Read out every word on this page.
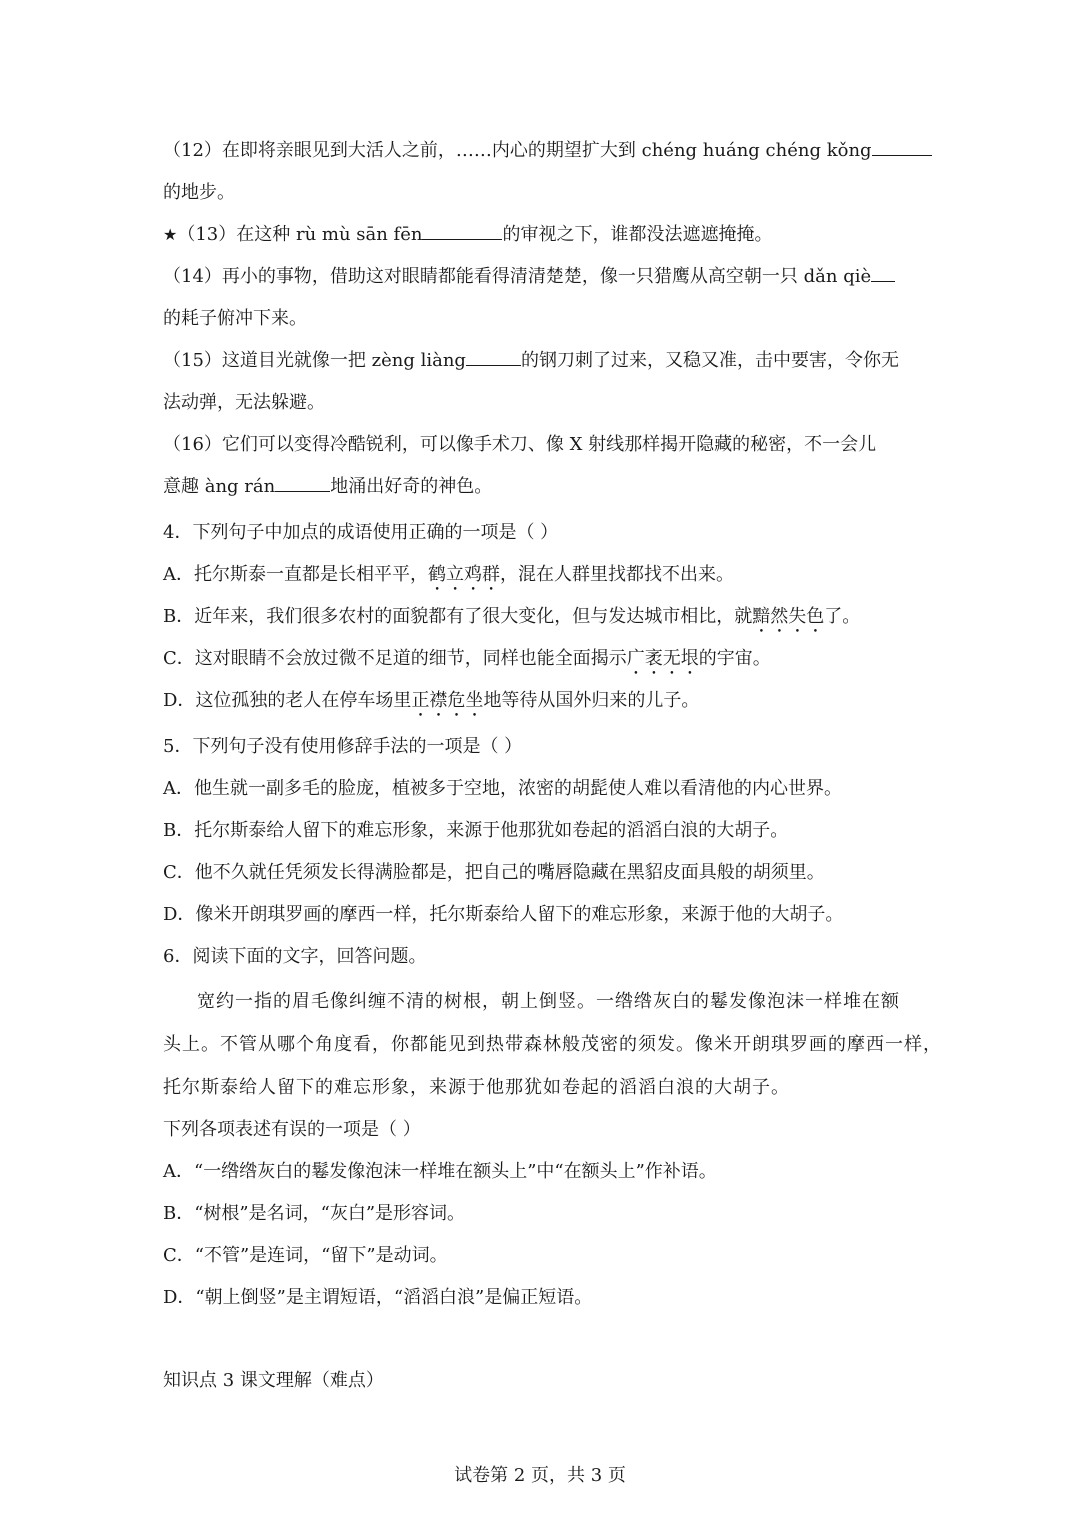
（12）在即将亲眼见到大活人之前，……内心的期望扩大到 chéng huáng chéng kǒng
的地步。
★（13）在这种 rù mù sān fēn	的审视之下，谁都没法遮遮掩掩。
（14）再小的事物，借助这对眼睛都能看得清清楚楚，像一只猎鹰从高空朝一只 dǎn qiè
的耗子俯冲下来。
（15）这道目光就像一把 zèng liàng	的钢刀刺了过来，又稳又准，击中要害，令你无
法动弹，无法躲避。
（16）它们可以变得冷酷锐利，可以像手术刀、像 X 射线那样揭开隐藏的秘密，不一会儿
意趣 àng rán	地涌出好奇的神色。
4．下列句子中加点的成语使用正确的一项是（ ）
A．托尔斯泰一直都是长相平平，鹤立鸡群，混在人群里找都找不出来。
B．近年来，我们很多农村的面貌都有了很大变化，但与发达城市相比，就黯然失色了。
C．这对眼睛不会放过微不足道的细节，同样也能全面揭示广袤无垠的宇宙。
D．这位孤独的老人在停车场里正襟危坐地等待从国外归来的儿子。
5．下列句子没有使用修辞手法的一项是（ ）
A．他生就一副多毛的脸庞，植被多于空地，浓密的胡髭使人难以看清他的内心世界。
B．托尔斯泰给人留下的难忘形象，来源于他那犹如卷起的滔滔白浪的大胡子。
C．他不久就任凭须发长得满脸都是，把自己的嘴唇隐藏在黑貂皮面具般的胡须里。
D．像米开朗琪罗画的摩西一样，托尔斯泰给人留下的难忘形象，来源于他的大胡子。
6．阅读下面的文字，回答问题。
宽约一指的眉毛像纠缠不清的树根，朝上倒竖。一绺绺灰白的鬈发像泡沫一样堆在额
头上。不管从哪个角度看，你都能见到热带森林般茂密的须发。像米开朗琪罗画的摩西一样，
托尔斯泰给人留下的难忘形象，来源于他那犹如卷起的滔滔白浪的大胡子。
下列各项表述有误的一项是（ ）
A．“一绺绺灰白的鬈发像泡沫一样堆在额头上”中“在额头上”作补语。
B．“树根”是名词，“灰白”是形容词。
C．“不管”是连词，“留下”是动词。
D．“朝上倒竖”是主谓短语，“滔滔白浪”是偏正短语。
知识点 3 课文理解（难点）
试卷第 2 页，共 3 页
